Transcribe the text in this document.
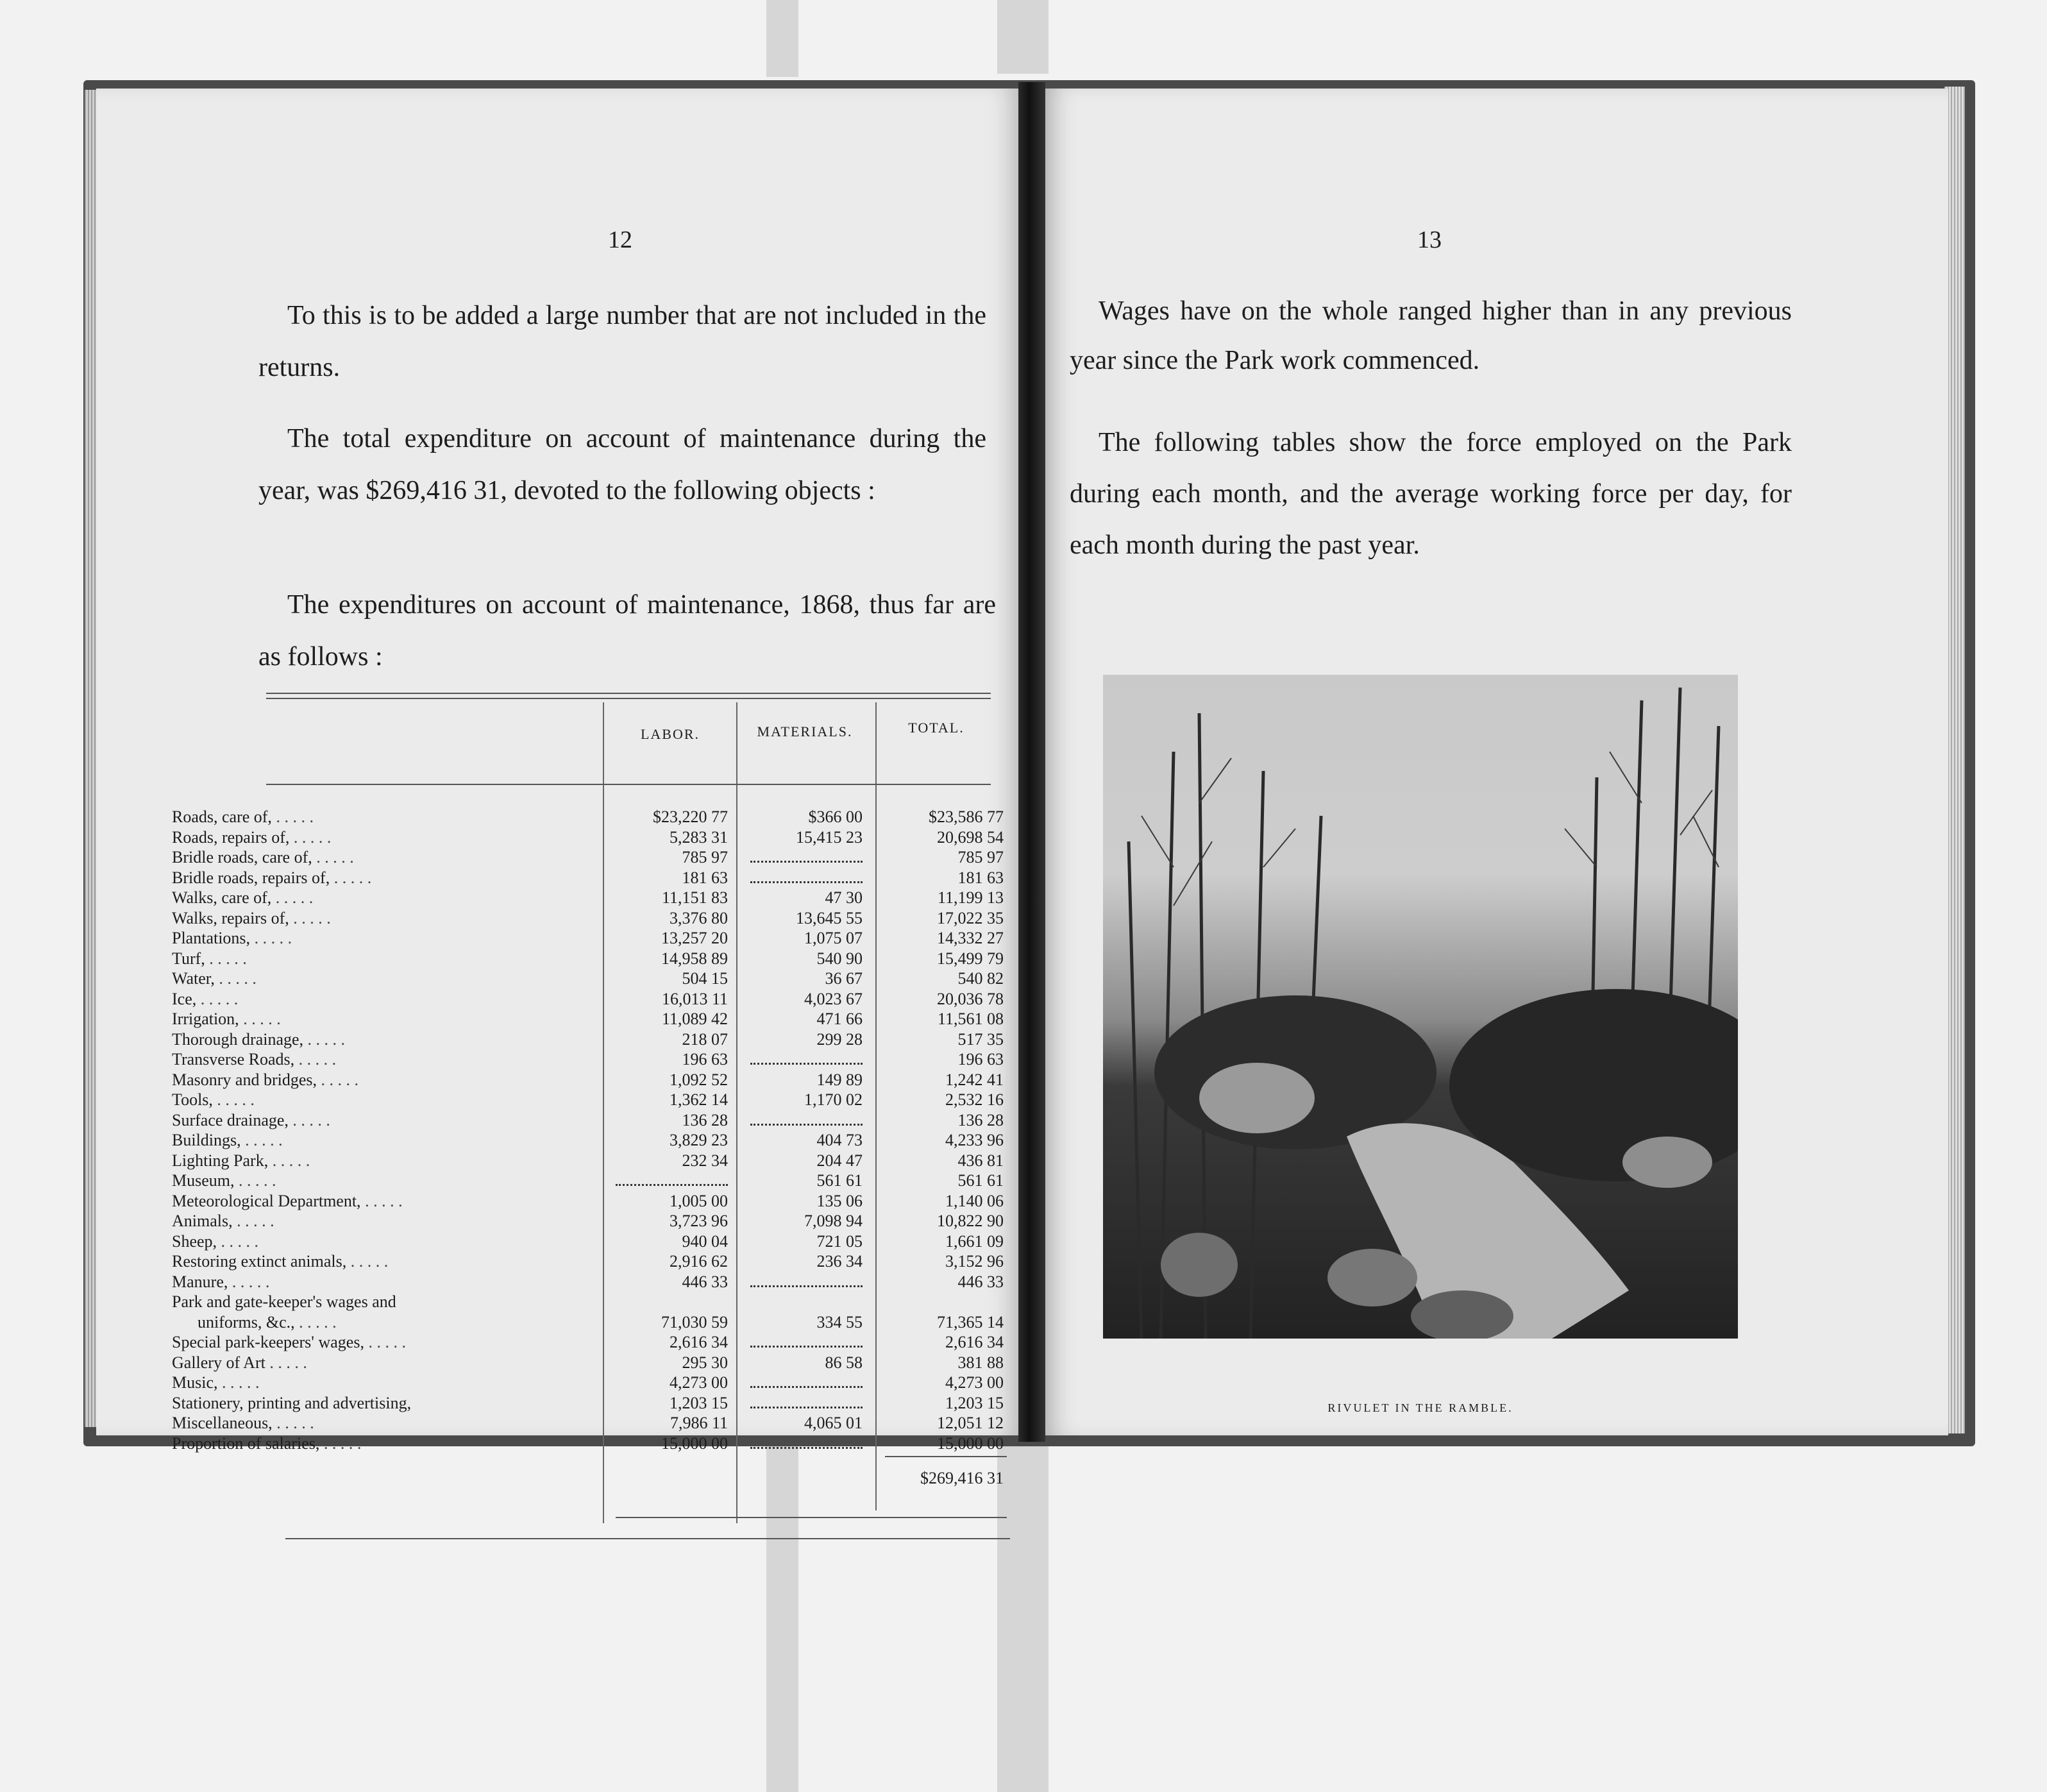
12

To this is to be added a large number that are not included in the returns.

The total expenditure on account of maintenance during the year, was $269,416 31, devoted to the following objects :

The expenditures on account of maintenance, 1868, thus far are as follows :

LABOR.	MATERIALS.	TOTAL.
Roads, care of, .
Roads, repairs of, .
Bridle roads, care of, .
Bridle roads, repairs of, .
Walks, care of, .
Walks, repairs of, .
Plantations, .
Turf, .
Water, .
Ice, .
Irrigation, .
Thorough drainage, .
Transverse Roads, .
Masonry and bridges, .
Tools, .
Surface drainage, .
Buildings, .
Lighting Park, .
Museum, .
Meteorological Department, .
Animals, .
Sheep, .
Restoring extinct animals, .
Manure, .
Park and gate-keeper's wages and
uniforms, &c., .
Special park-keepers' wages, .
Gallery of Art .
Music, .
Stationery, printing and advertising,
Miscellaneous, .
Proportion of salaries, .
$23,220 77
5,283 31
785 97
181 63
11,151 83
3,376 80
13,257 20
14,958 89
504 15
16,013 11
11,089 42
218 07
196 63
1,092 52
1,362 14
136 28
3,829 23
232 34
1,005 00
3,723 96
940 04
2,916 62
446 33
71,030 59
2,616 34
295 30
4,273 00
1,203 15
7,986 11
15,000 00
$366 00
15,415 23
47 30
13,645 55
1,075 07
540 90
36 67
4,023 67
471 66
299 28
149 89
1,170 02
404 73
204 47
561 61
135 06
7,098 94
721 05
236 34
334 55
86 58
4,065 01
$23,586 77
20,698 54
785 97
181 63
11,199 13
17,022 35
14,332 27
15,499 79
540 82
20,036 78
11,561 08
517 35
196 63
1,242 41
2,532 16
136 28
4,233 96
436 81
561 61
1,140 06
10,822 90
1,661 09
3,152 96
446 33
71,365 14
2,616 34
381 88
4,273 00
1,203 15
12,051 12
15,000 00
$269,416 31
13

Wages have on the whole ranged higher than in any previous year since the Park work commenced.

The following tables show the force employed on the Park during each month, and the average working force per day, for each month during the past year.

RIVULET IN THE RAMBLE.
